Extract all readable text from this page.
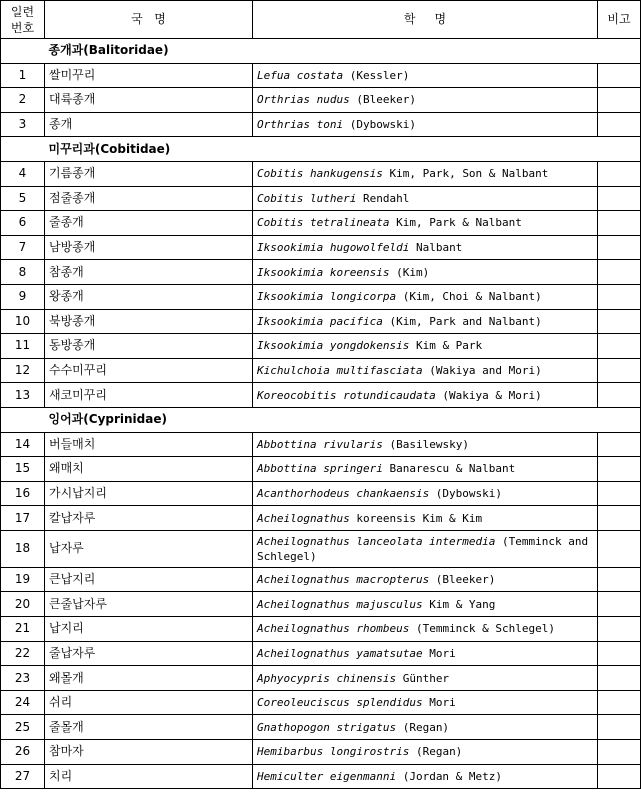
일련
번호	국   명	학     명	비고
	종개과(Balitoridae)		
1	쌀미꾸리	Lefua costata (Kessler)	
2	대륙종개	Orthrias nudus (Bleeker)	
3	종개	Orthrias toni (Dybowski)	
	미꾸리과(Cobitidae)		
4	기름종개	Cobitis hankugensis Kim, Park, Son & Nalbant	
5	점줄종개	Cobitis lutheri Rendahl	
6	줄종개	Cobitis tetralineata Kim, Park & Nalbant	
7	남방종개	Iksookimia hugowolfeldi Nalbant	
8	참종개	Iksookimia koreensis (Kim)	
9	왕종개	Iksookimia longicorpa (Kim, Choi & Nalbant)	
10	북방종개	Iksookimia pacifica (Kim, Park and Nalbant)	
11	동방종개	Iksookimia yongdokensis Kim & Park	
12	수수미꾸리	Kichulchoia multifasciata (Wakiya and Mori)	
13	새코미꾸리	Koreocobitis rotundicaudata (Wakiya & Mori)	
	잉어과(Cyprinidae)		
14	버들매치	Abbottina rivularis (Basilewsky)	
15	왜매치	Abbottina springeri Banarescu & Nalbant	
16	가시납지리	Acanthorhodeus chankaensis (Dybowski)	
17	칼납자루	Acheilognathus koreensis Kim & Kim	
18	납자루	Acheilognathus lanceolata intermedia (Temminck and Schlegel)	
19	큰납지리	Acheilognathus macropterus (Bleeker)	
20	큰줄납자루	Acheilognathus majusculus Kim & Yang	
21	납지리	Acheilognathus rhombeus (Temminck & Schlegel)	
22	줄납자루	Acheilognathus yamatsutae Mori	
23	왜몰개	Aphyocypris chinensis Günther	
24	쉬리	Coreoleuciscus splendidus Mori	
25	줄몰개	Gnathopogon strigatus (Regan)	
26	참마자	Hemibarbus longirostris (Regan)	
27	치리	Hemiculter eigenmanni (Jordan & Metz)	
